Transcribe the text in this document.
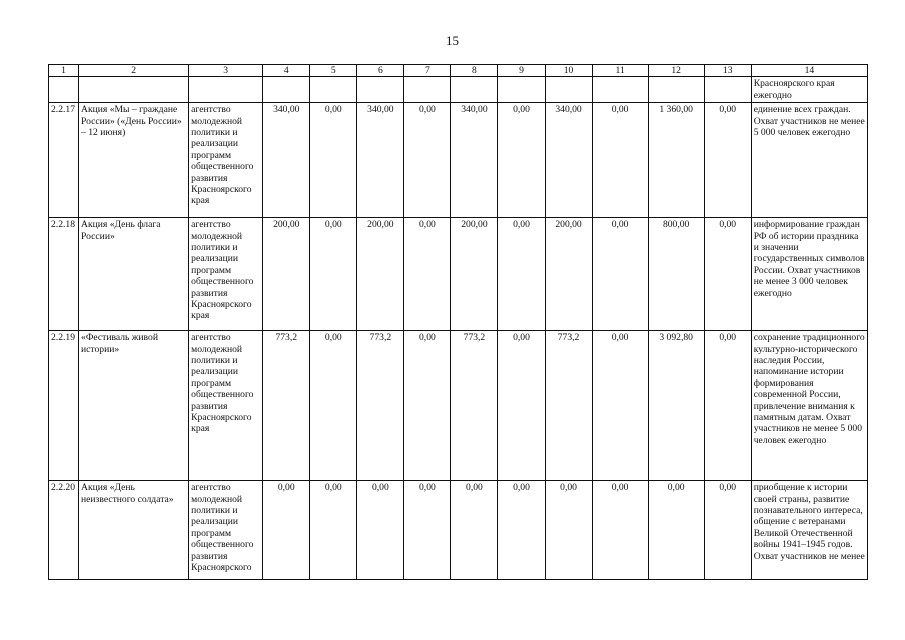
15
1	2	3	4	5	6	7	8	9	10	11	12	13	14
													Красноярского края ежегодно
2.2.17	Акция «Мы – граждане России» («День России» – 12 июня)	агентство молодежной политики и реализации программ общественного развития Красноярского края	340,00	0,00	340,00	0,00	340,00	0,00	340,00	0,00	1 360,00	0,00	единение всех граждан. Охват участников не менее 5 000 человек ежегодно
2.2.18	Акция «День флага России»	агентство молодежной политики и реализации программ общественного развития Красноярского края	200,00	0,00	200,00	0,00	200,00	0,00	200,00	0,00	800,00	0,00	информирование граждан РФ об истории праздника и значении государственных символов России. Охват участников не менее 3 000 человек ежегодно
2.2.19	«Фестиваль живой истории»	агентство молодежной политики и реализации программ общественного развития Красноярского края	773,2	0,00	773,2	0,00	773,2	0,00	773,2	0,00	3 092,80	0,00	сохранение традиционного культурно-исторического наследия России, напоминание истории формирования современной России, привлечение внимания к памятным датам. Охват участников не менее 5 000 человек ежегодно
2.2.20	Акция «День неизвестного солдата»	агентство молодежной политики и реализации программ общественного развития Красноярского	0,00	0,00	0,00	0,00	0,00	0,00	0,00	0,00	0,00	0,00	приобщение к истории своей страны, развитие познавательного интереса, общение с ветеранами Великой Отечественной войны 1941–1945 годов. Охват участников не менее
